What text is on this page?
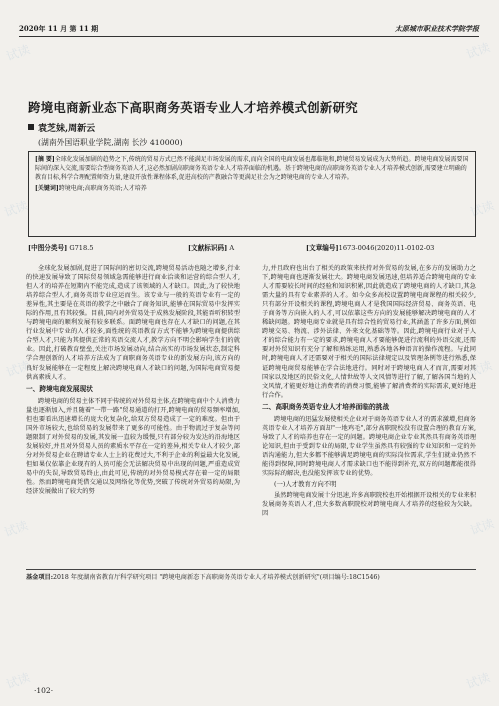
试读	试读
试读	试读
试读	试读
试读	试读
试读	试读
2020年 11 月 第 11 期	太原城市职业技术学院学报
跨境电商新业态下高职商务英语专业人才培养模式创新研究
袁芝妹,周新云
(湖南外国语职业学院,湖南 长沙 410000)

[摘 要]全球化发展加剧的趋势之下,传统的贸易方式已然不能满足市场发展的需求,而向全国的电商发展也都临艳和,跨境贸易发展成为大势所趋。跨境电商发展需要国际间的深入交流,需要综合型商务英语人才,这必然加剧高职商务英语专业人才培养面临的机遇。基于跨境电商的高职商务英语专业人才培养模式创新,需要建立明确的教育目标,科学合理配置师资力量,建设开放性课程体系,促进高校的产教融合等更满足社会为之跨境电商的专业人才培养。

[关键词]跨境电商;高职商务英语;人才培养

[中图分类号] G718.5	[文献标识码] A	[文章编号]1673-0046(2020)11-0102-03

全球化发展加剧,促进了国际间的密切交流,跨境贸易活动也随之增多,行业的快速发展导致了国际贸易领域急需能够进行商业洽谈和运营的综合型人才,但人才的培养在短期内不能完成,造成了该领域的人才缺口。因此,为了较快地培养综合型人才,商务英语专业应运而生。该专业与一般的英语专业有一定的差异性,其主要是在英语的教学之中融合了商务知识,能够在国际贸易中发挥实际的作用,且有其较强。目前,国内对外贸易处于成熟发展阶段,其能吞听积转型与跨境电商的顺利发展有较多联系。面跨境电商也存在人才缺口的问题,在其行业发展中专业的人才较多,面性统的英语教育方式不能够为跨境电商提供综合型人才,只能为其提供正常的英语交流人才,教学方向不明会影响学生们的就业。因此,打破教育壁垒,关注市场发展动向,结合高实的市场发展状态,制定科学合理创新的人才培养方法成为了商职商务英语专业的新发展方向,该方向的良好发展能够在一定程度上解决跨境电商人才缺口的问题,为国际电商贸易提供高素质人才。

一、跨境电商发展现状

跨境电商的贸易主体不同于传统的对外贸易主体,在跨境电商中个人消费力量也逐渐加入,并且随着"一带一路"贸易通道的打开,跨境电商的贸易频率增加,但也要看出迅速增长的庞大化复杂化,给双方贸易造成了一定的难度。但由于国外市场较大,也给贸易的发展带来了更多的可能性。由于物流过于复杂等问题限制了对外贸易的发展,其发展一直较为缓慢,只有部分较为发达的沿海地区发展较好,并且对外贸易人员的素质水平存在一定的差异,相关专业人才较少,部分对外贸易企业在聘请专业人士上的花费过大,不利于企业的利益最大化发展,但如果仅依靠企业现有的人员可能会无法解决贸易中出现的问题,严重造成贸易中的失误,导致贸易终止,由此可见,传统的对外贸易模式存在着一定的局限性。然而跨境电商凭借交通以及网络化等优势,突破了传统对外贸易的局限,为经济发展做出了较大的努

力,并且政府也出台了相关的政策来扶持对外贸易的发展,在多方的发展助力之下,跨境电商也逐渐发展壮大。跨境电商发展迅速,但培养适合跨境电商的专业人才需要较长时间的经验和知识积累,因此就造成了跨境电商的人才缺口,其急需大量的具有专业素养的人才。如今众多高校设置跨境电商课程的相关较少,只有部分开设相关的课程,跨境电商人才是我国国际经济贸易、商务英语、电子商务等方向嵌入的人才,可以依靠这些方向的发展能够解决跨境电商的人才稀缺问题。跨境电商专业就是具有综合性的贸易行业,其涵盖了许多方面,例如跨境交易、物流、涉外法律、外来文化基础等等。因此,跨境电商行业对于人才的综合能力有一定的要求,跨境电商人才要能够促进行流利的外语交流,还需要对外贸知识有充分了解和熟练运用,熟悉各地各种语言的操作流程。与此同时,跨境电商人才还需要对于相关的国际法律规定以及管理条例等进行熟悉,保证跨境电商贸易能够在学合法地进行。同时对于跨境电商人才而言,需要对其国家以及地区的民俗文化,人情世故等人文风情等进行了解,了解各国当地的人文风情,才能更好地让消费者的消费习惯,能够了解消费者的实际需求,更好地进行合作。

二、高职商务英语专业人才培养面临的挑战

跨境电商的迅猛发展使相关企业对于商务英语专业人才的需求激增,但商务英语专业人才培养方面却"一地鸡毛",部分高职院校没有设置合理的教育方案,导致了人才的培养也存在一定的问题。跨境电商企业专业其然具有商务英语理论知识,但由于受到专业的局限,专业学生虽然具有较强的专业知识和一定的外语沟通能力,但大多都不能够满足跨境电商的实际岗位需求,学生们就业仍然不能得到保障,同时跨境电商人才需求缺口也不能得到补充,双方的问题都能很得实际际的解决,也没能发挥该专业的优势。

(一)人才教育方向不明

虽然跨境电商发展十分迅速,许多高职院校也开始根据开设相关的专业来积发展商务英语人才,但大多数高职院校对跨境电商人才培养的经验较为欠缺。因

基金项目:2018 年度湖南省教育厅科学研究项目 "跨境电商新态下高职商务英语专业人才培养模式创新研究"(项目编号:18C1546)
·102·
